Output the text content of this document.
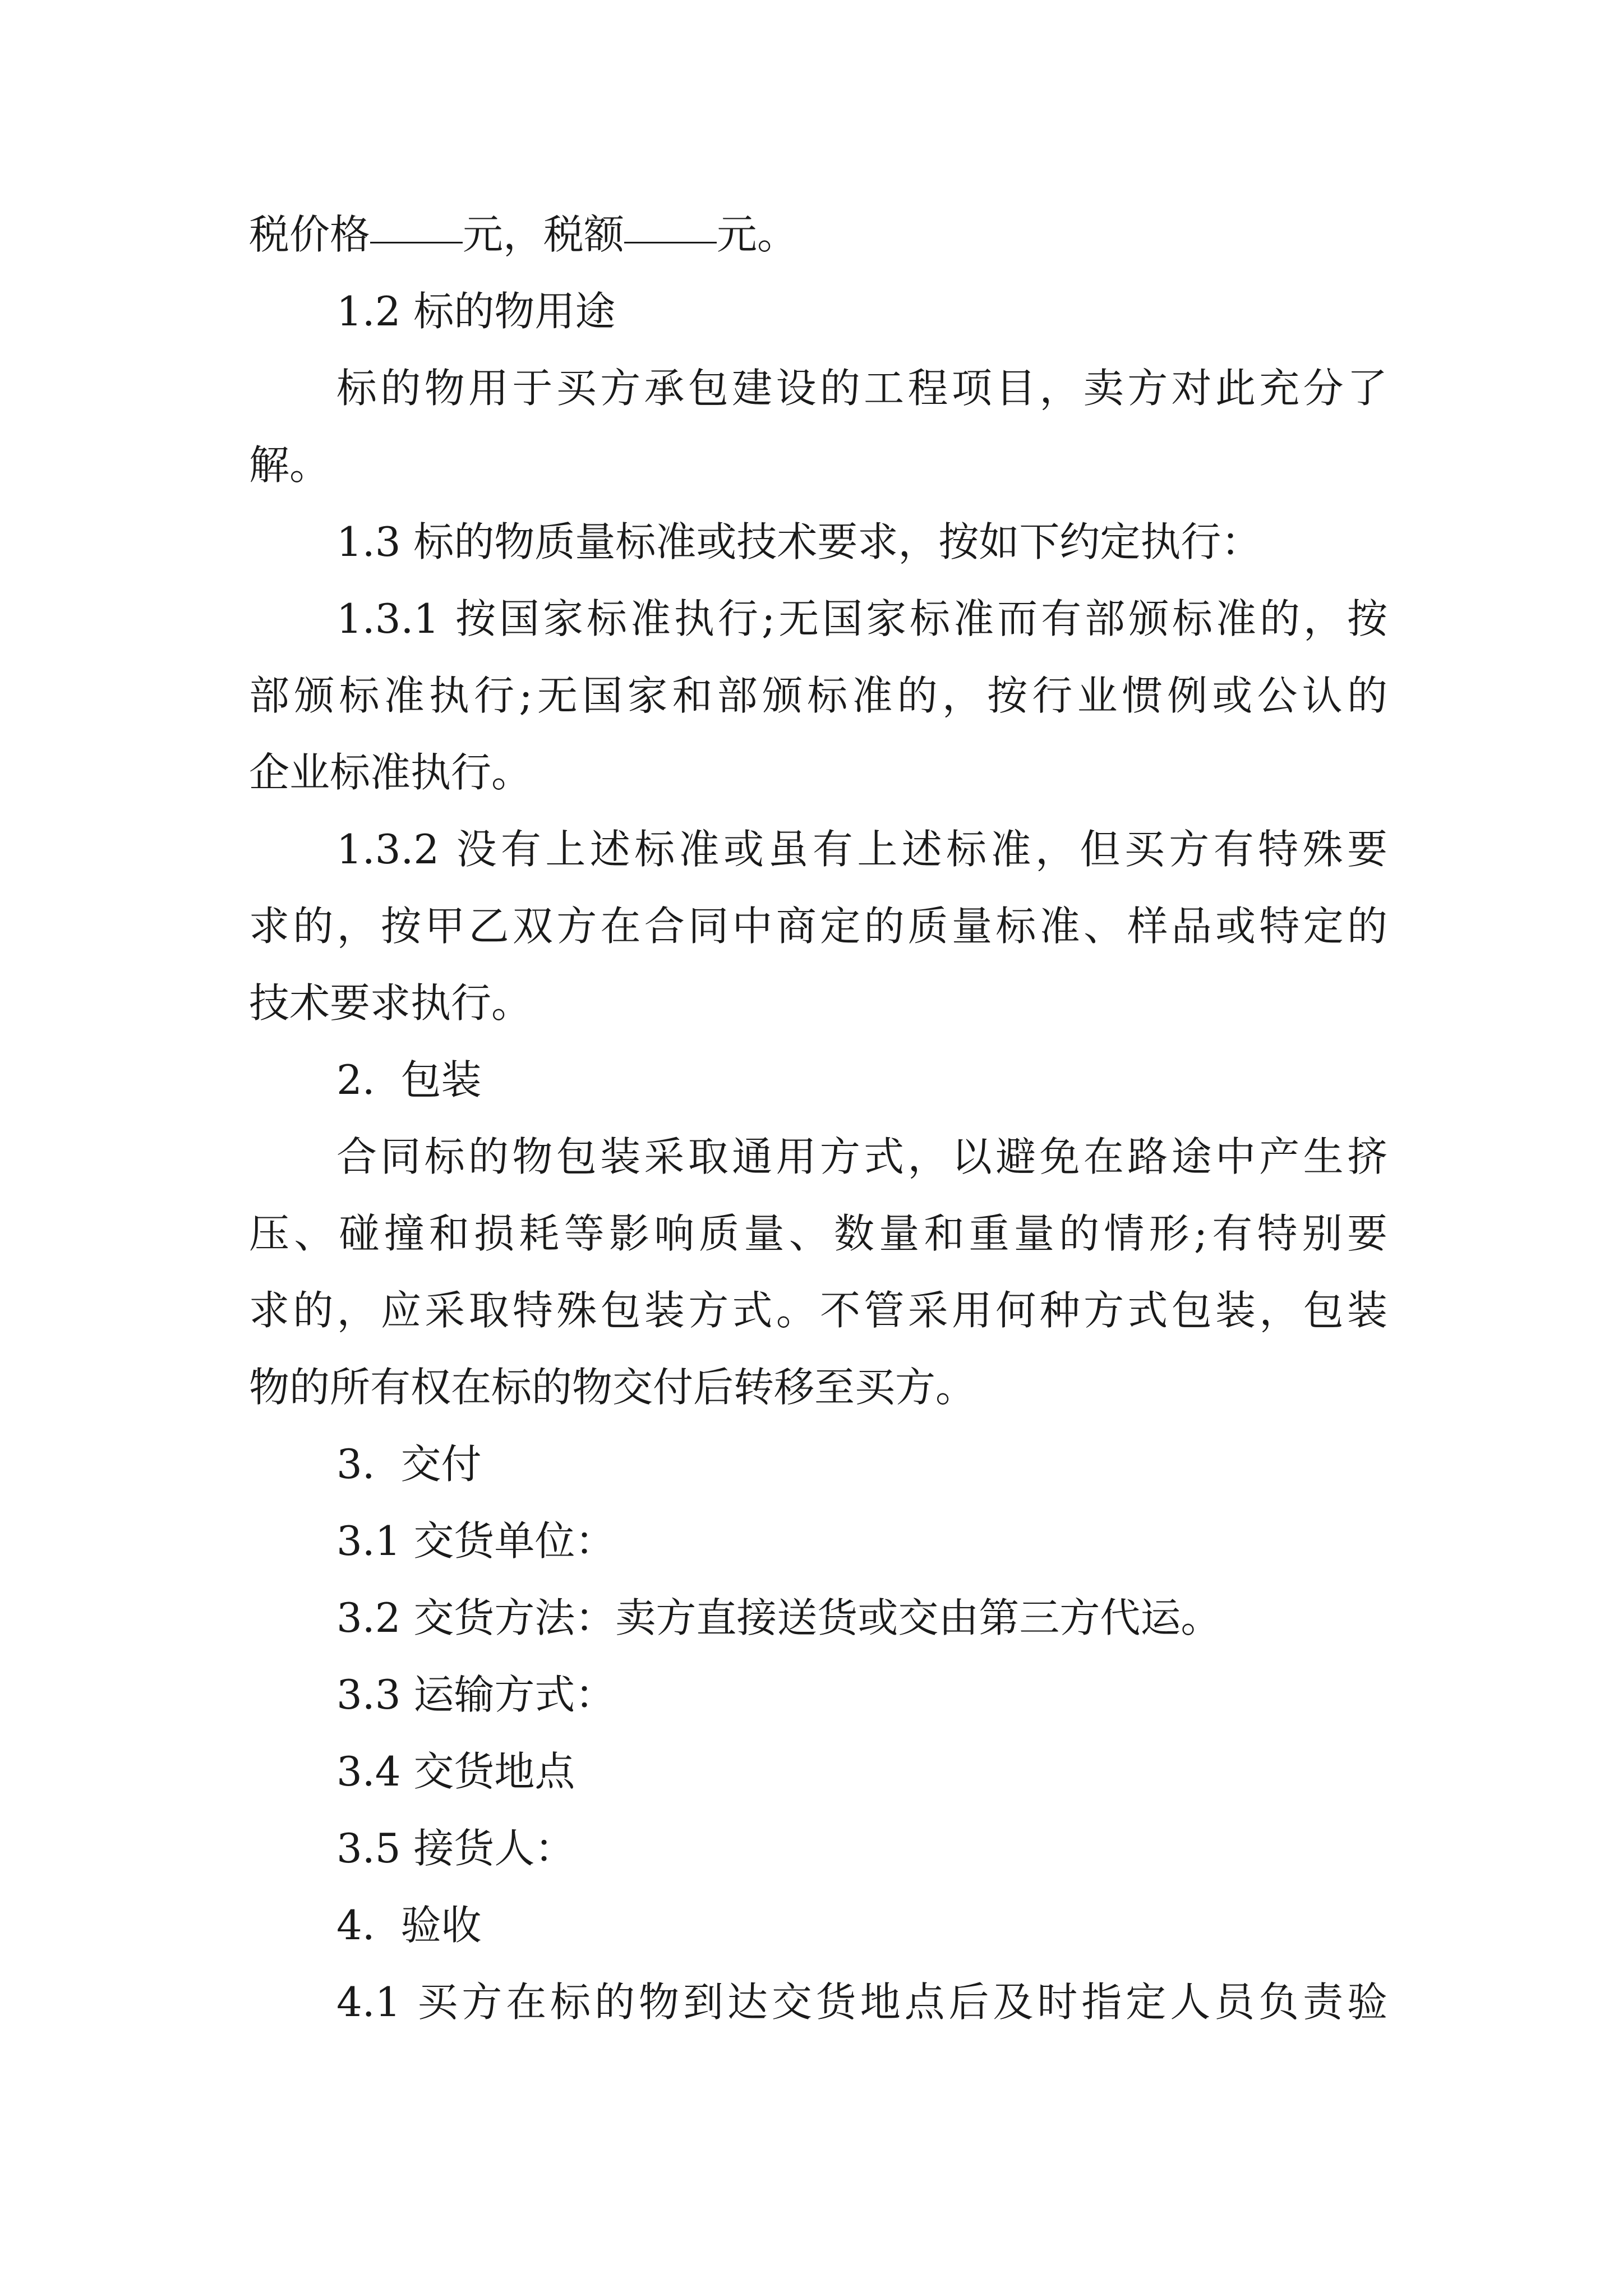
税价格 元，税额 元。
1.2 标的物用途
标的物用于买方承包建设的工程项目，卖方对此充分了
解。
1.3 标的物质量标准或技术要求，按如下约定执行：
1.3.1 按国家标准执行;无国家标准而有部颁标准的，按
部颁标准执行;无国家和部颁标准的，按行业惯例或公认的
企业标准执行。
1.3.2 没有上述标准或虽有上述标准，但买方有特殊要
求的，按甲乙双方在合同中商定的质量标准、样品或特定的
技术要求执行。
2.  包装
合同标的物包装采取通用方式，以避免在路途中产生挤
压、碰撞和损耗等影响质量、数量和重量的情形;有特别要
求的，应采取特殊包装方式。不管采用何种方式包装，包装
物的所有权在标的物交付后转移至买方。
3.  交付
3.1 交货单位：
3.2 交货方法：卖方直接送货或交由第三方代运。
3.3 运输方式：
3.4 交货地点
3.5 接货人：
4.  验收
4.1 买方在标的物到达交货地点后及时指定人员负责验
